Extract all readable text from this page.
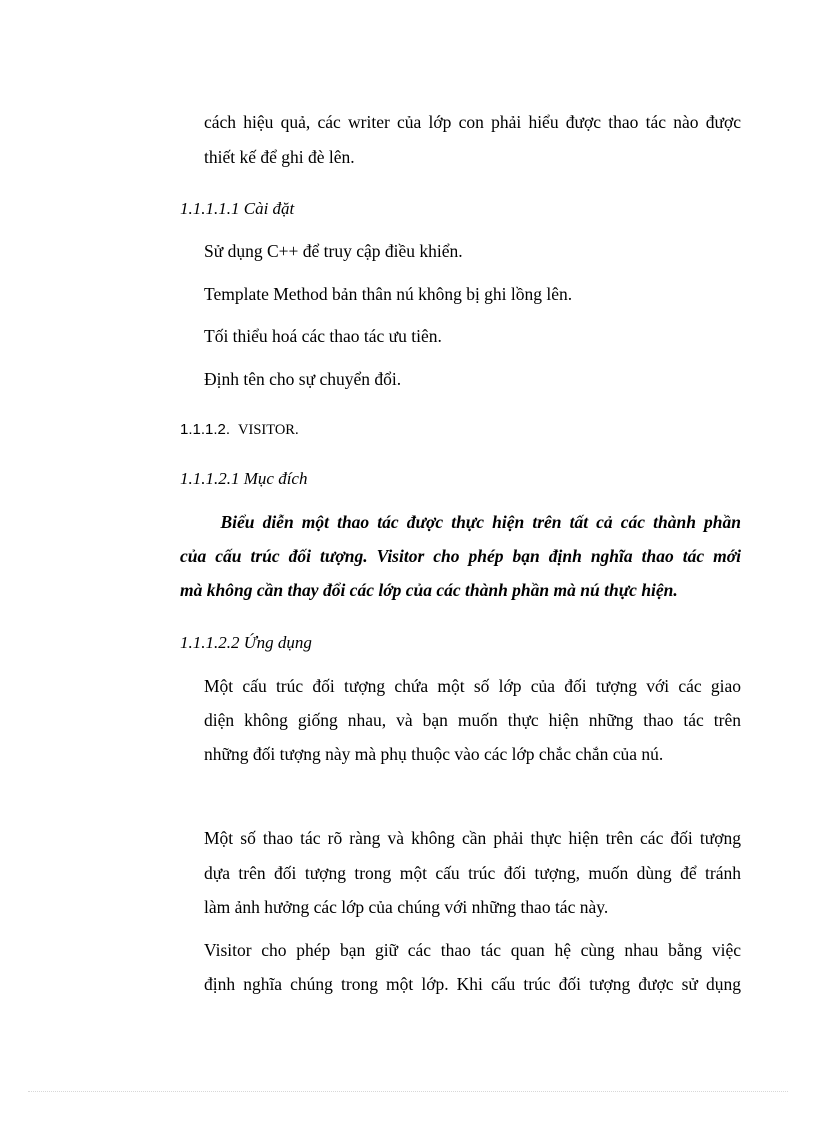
cách hiệu quả, các writer của lớp con phải hiểu được thao tác nào được
thiết kế để ghi đè lên.
1.1.1.1.1 Cài đặt
Sử dụng C++ để truy cập điều khiển.
Template Method bản thân nú không bị ghi lồng lên.
Tối thiểu hoá các thao tác ưu tiên.
Định tên cho sự chuyển đổi.
1.1.1.2. VISITOR.
1.1.1.2.1 Mục đích
Biểu diễn một thao tác được thực hiện trên tất cả các thành phần
của cấu trúc đối tượng. Visitor cho phép bạn định nghĩa thao tác mới
mà không cần thay đổi các lớp của các thành phần mà nú thực hiện.
1.1.1.2.2 Ứng dụng
Một cấu trúc đối tượng chứa một số lớp của đối tượng với các giao
diện không giống nhau, và bạn muốn thực hiện những thao tác trên
những đối tượng này mà phụ thuộc vào các lớp chắc chắn của nú.
Một số thao tác rõ ràng và không cần phải thực hiện trên các đối tượng
dựa trên đối tượng trong một cấu trúc đối tượng, muốn dùng để tránh
làm ảnh hưởng các lớp của chúng với những thao tác này.
Visitor cho phép bạn giữ các thao tác quan hệ cùng nhau bằng việc
định nghĩa chúng trong một lớp. Khi cấu trúc đối tượng được sử dụng
